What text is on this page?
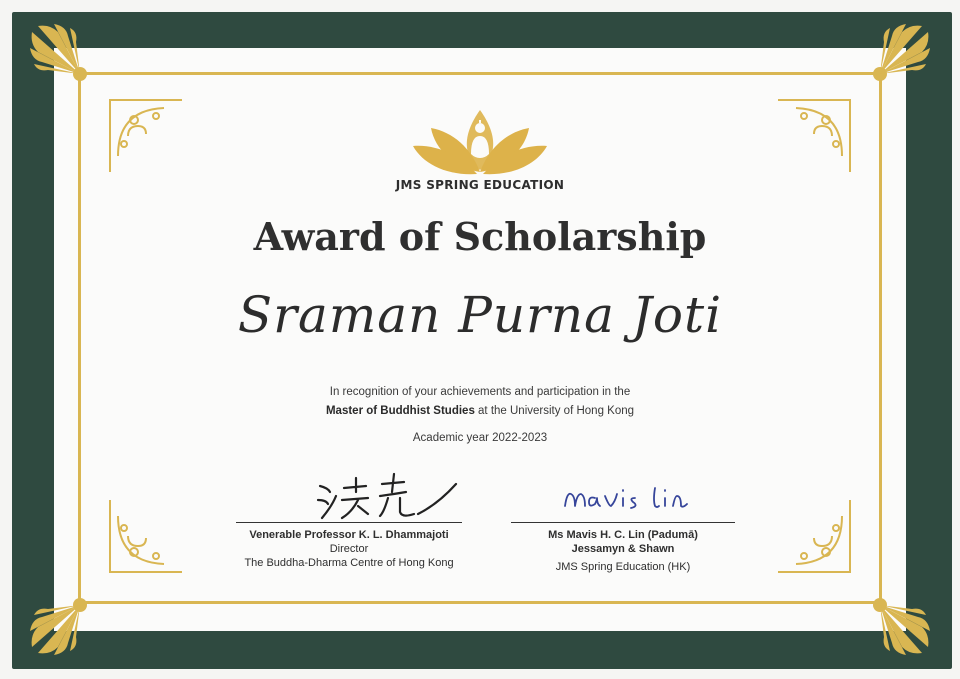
JMS SPRING EDUCATION
Award of Scholarship
Sraman Purna Joti
In recognition of your achievements and participation in the
Master of Buddhist Studies at the University of Hong Kong
Academic year 2022-2023
Venerable Professor K. L. Dhammajoti
Director
The Buddha-Dharma Centre of Hong Kong
Ms Mavis H. C. Lin (Padumā)
Jessamyn & Shawn
JMS Spring Education (HK)
